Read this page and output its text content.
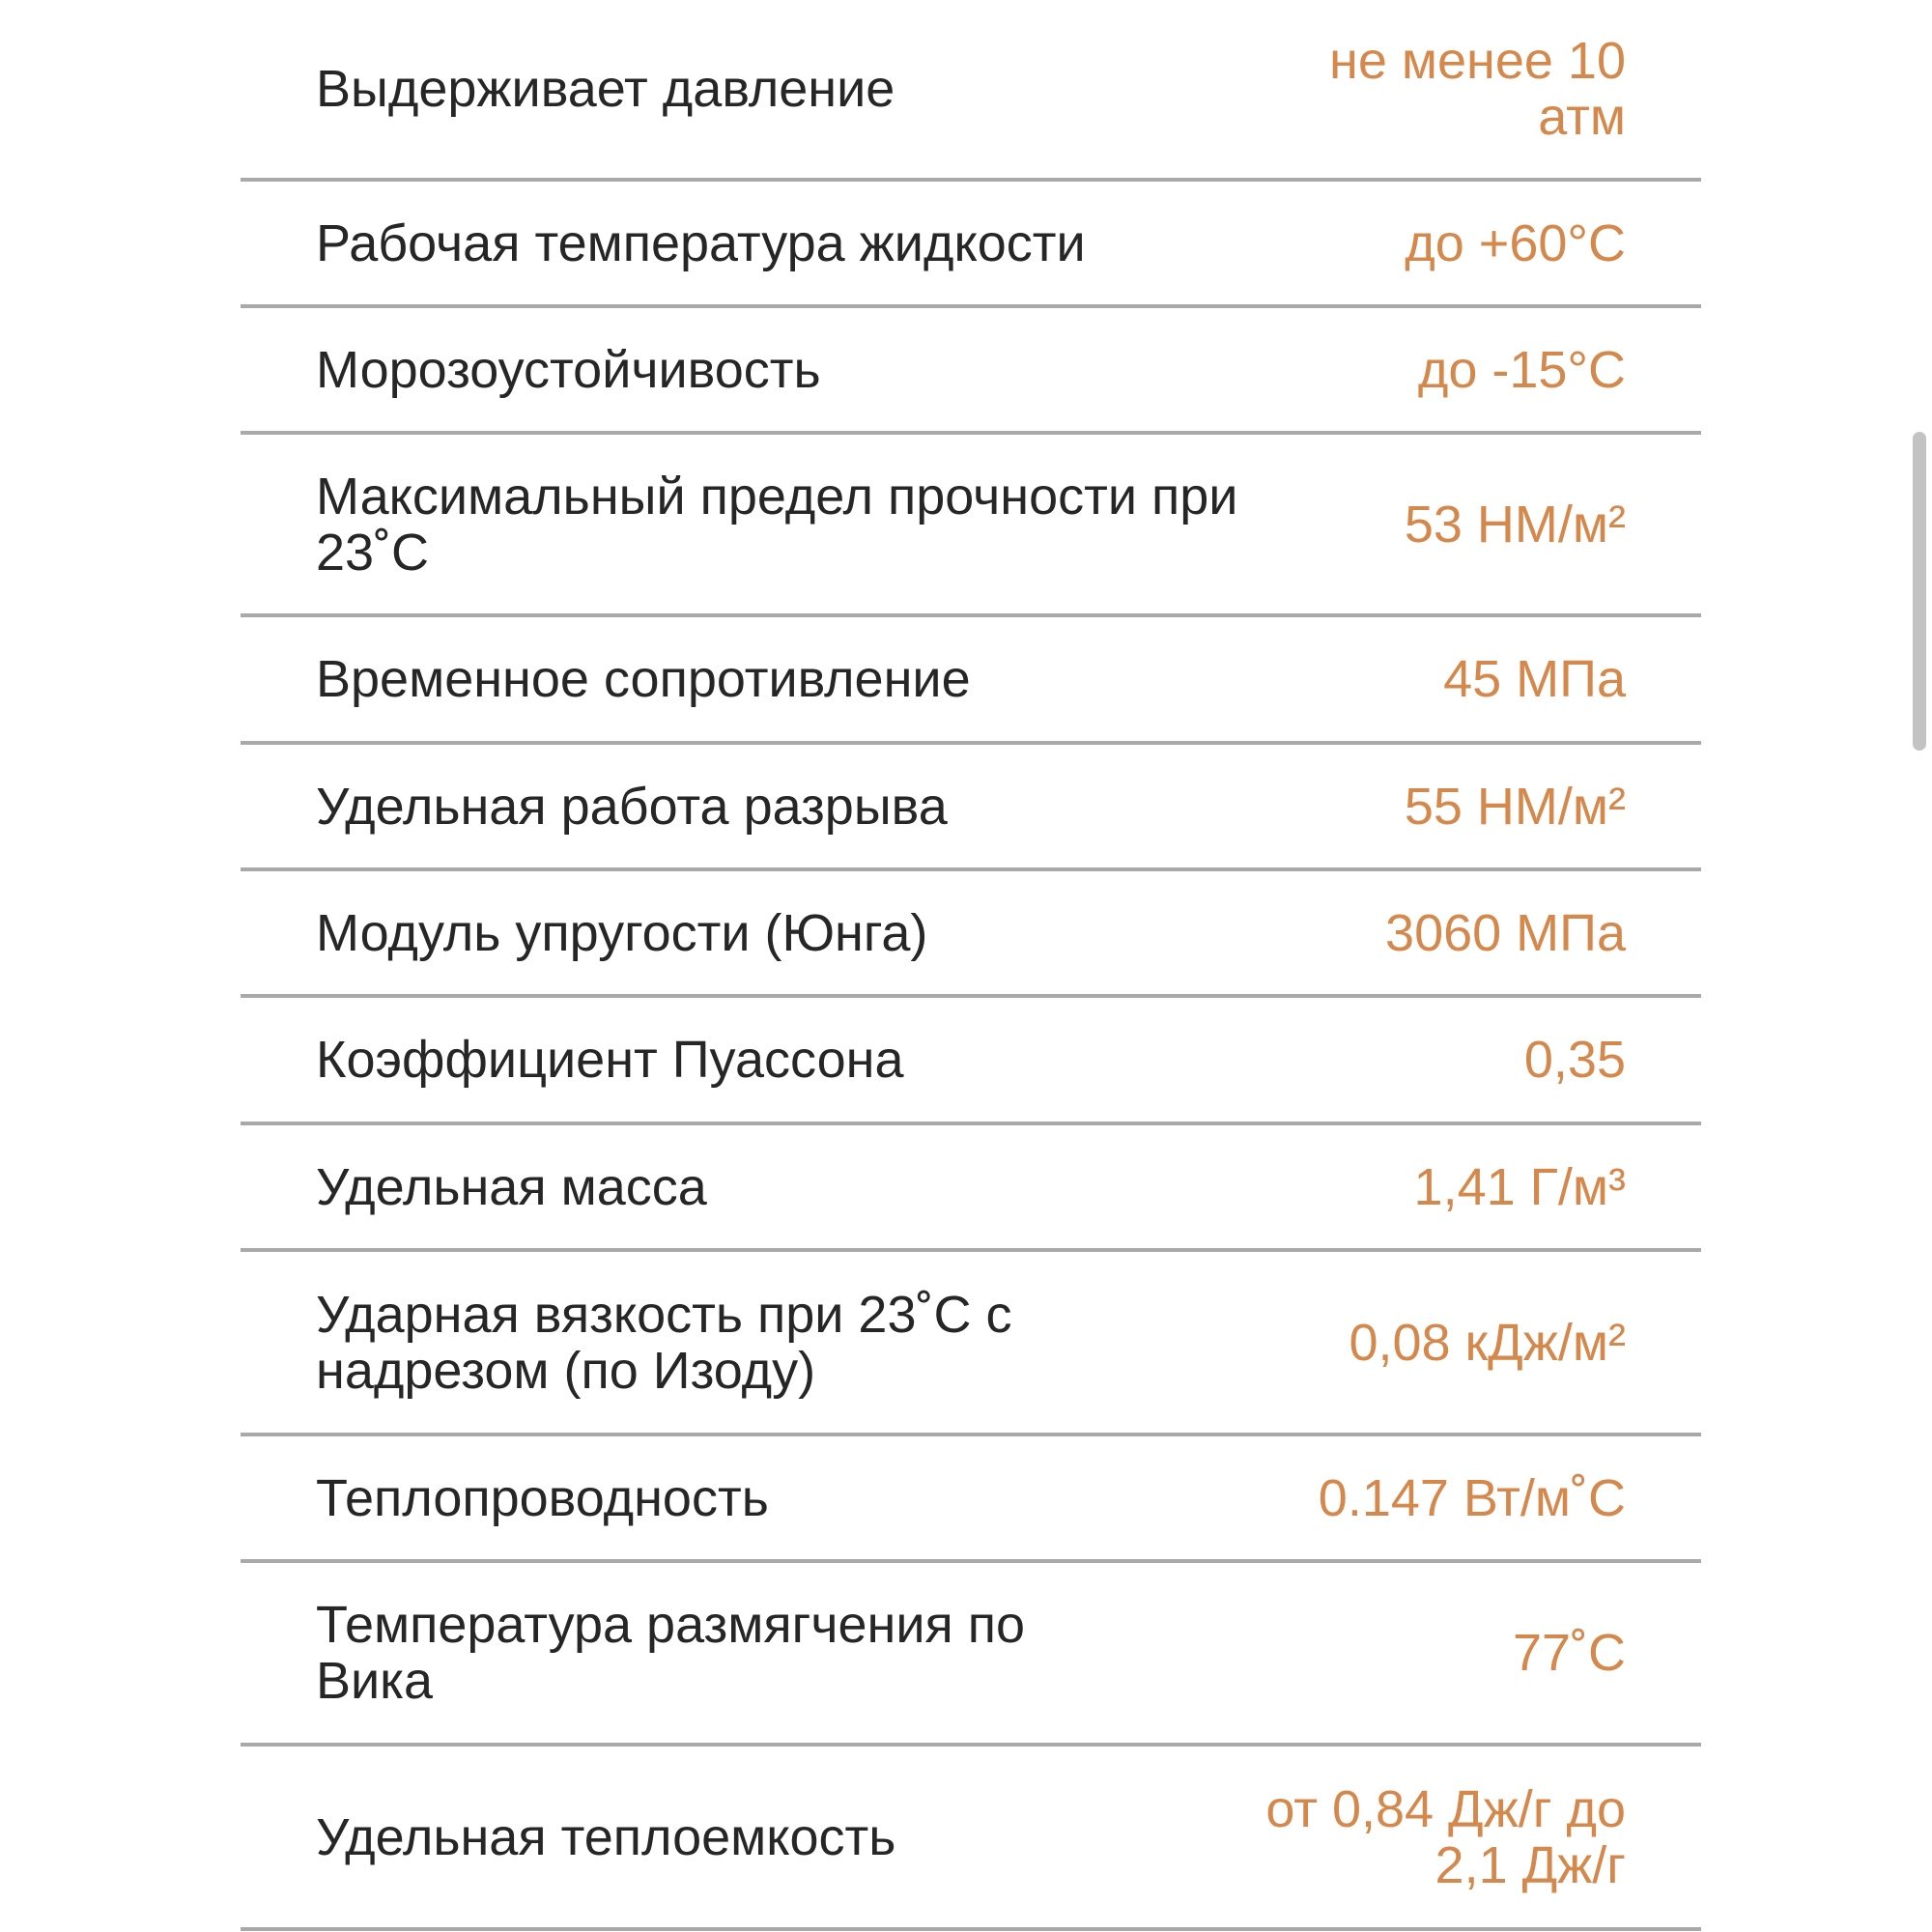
Выдерживает давление	не менее 10 атм
Рабочая температура жидкости	до +60°C
Морозоустойчивость	до -15°C
Максимальный предел прочности при 23˚С	53 НМ/м²
Временное сопротивление	45 МПа
Удельная работа разрыва	55 НМ/м²
Модуль упругости (Юнга)	3060 МПа
Коэффициент Пуассона	0,35
Удельная масса	1,41 Г/м³
Ударная вязкость при 23˚С с надрезом (по Изоду)	0,08 кДж/м²
Теплопроводность	0.147 Вт/м˚С
Температура размягчения по Вика	77˚С
Удельная теплоемкость	от 0,84 Дж/г до 2,1 Дж/г
